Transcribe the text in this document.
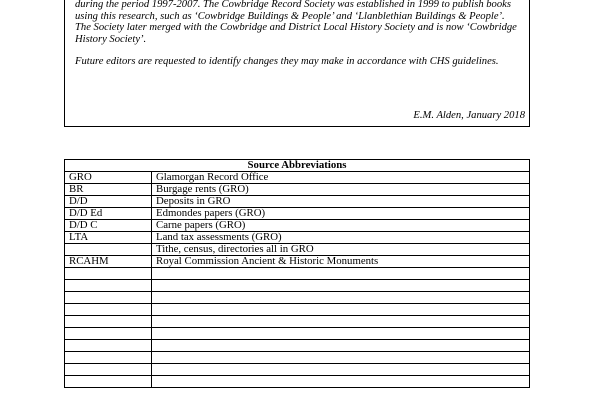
during the period 1997-2007. The Cowbridge Record Society was established in 1999 to publish books using this research, such as ‘Cowbridge Buildings & People’ and ‘Llanblethian Buildings & People’. The Society later merged with the Cowbridge and District Local History Society and is now ‘Cowbridge History Society’.

Future editors are requested to identify changes they may make in accordance with CHS guidelines.

E.M. Alden, January 2018

Source Abbreviations	
GRO	Glamorgan Record Office
BR	Burgage rents (GRO)
D/D	Deposits in GRO
D/D Ed	Edmondes papers (GRO)
D/D C	Carne papers (GRO)
LTA	Land tax assessments (GRO)
	Tithe, census, directories all in GRO
RCAHM	Royal Commission Ancient & Historic Monuments
